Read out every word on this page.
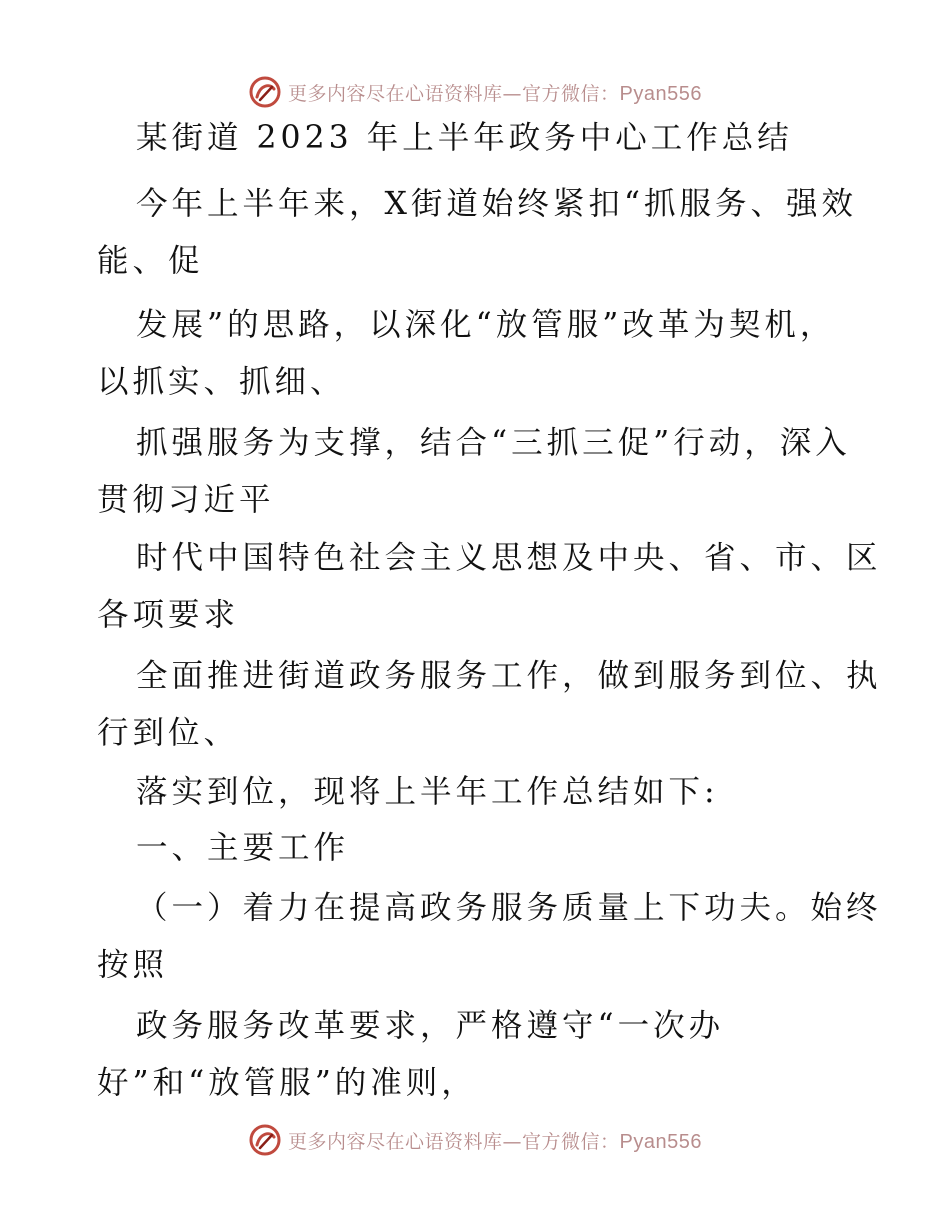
更多内容尽在心语资料库—官方微信：Pyan556
某街道 2023 年上半年政务中心工作总结
今年上半年来，X街道始终紧扣“抓服务、强效
能、促
发展”的思路，以深化“放管服”改革为契机，
以抓实、抓细、
抓强服务为支撑，结合“三抓三促”行动，深入
贯彻习近平
时代中国特色社会主义思想及中央、省、市、区
各项要求
全面推进街道政务服务工作，做到服务到位、执
行到位、
落实到位，现将上半年工作总结如下:
一、主要工作
（一）着力在提高政务服务质量上下功夫。始终
按照
政务服务改革要求，严格遵守“一次办
好”和“放管服”的准则，
更多内容尽在心语资料库—官方微信：Pyan556
